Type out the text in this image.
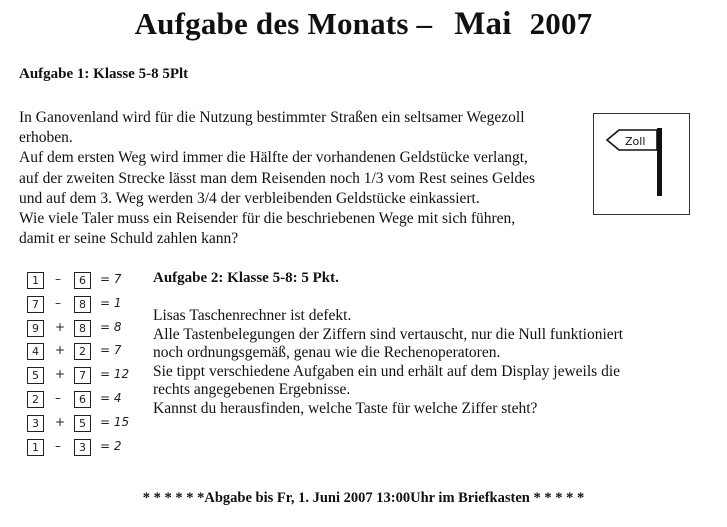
Aufgabe des Monats – Mai 2007
Aufgabe 1: Klasse 5-8 5Plt
In Ganovenland wird für die Nutzung bestimmter Straßen ein seltsamer Wegezoll
erhoben.
Auf dem ersten Weg wird immer die Hälfte der vorhandenen Geldstücke verlangt,
auf der zweiten Strecke lässt man dem Reisenden noch 1/3 vom Rest seines Geldes
und auf dem 3. Weg werden 3/4 der verbleibenden Geldstücke einkassiert.
Wie viele Taler muss ein Reisender für die beschriebenen Wege mit sich führen,
damit er seine Schuld zahlen kann?
Zoll
1	–	6	= 7
7	–	8	= 1
9	+	8	= 8
4	+	2	= 7
5	+	7	= 12
2	–	6	= 4
3	+	5	= 15
1	–	3	= 2
Aufgabe 2: Klasse 5-8: 5 Pkt.
Lisas Taschenrechner ist defekt.
Alle Tastenbelegungen der Ziffern sind vertauscht, nur die Null funktioniert
noch ordnungsgemäß, genau wie die Rechenoperatoren.
Sie tippt verschiedene Aufgaben ein und erhält auf dem Display jeweils die
rechts angegebenen Ergebnisse.
Kannst du herausfinden, welche Taste für welche Ziffer steht?
* * * * * *Abgabe bis Fr, 1. Juni 2007 13:00Uhr im Briefkasten * * * * *
